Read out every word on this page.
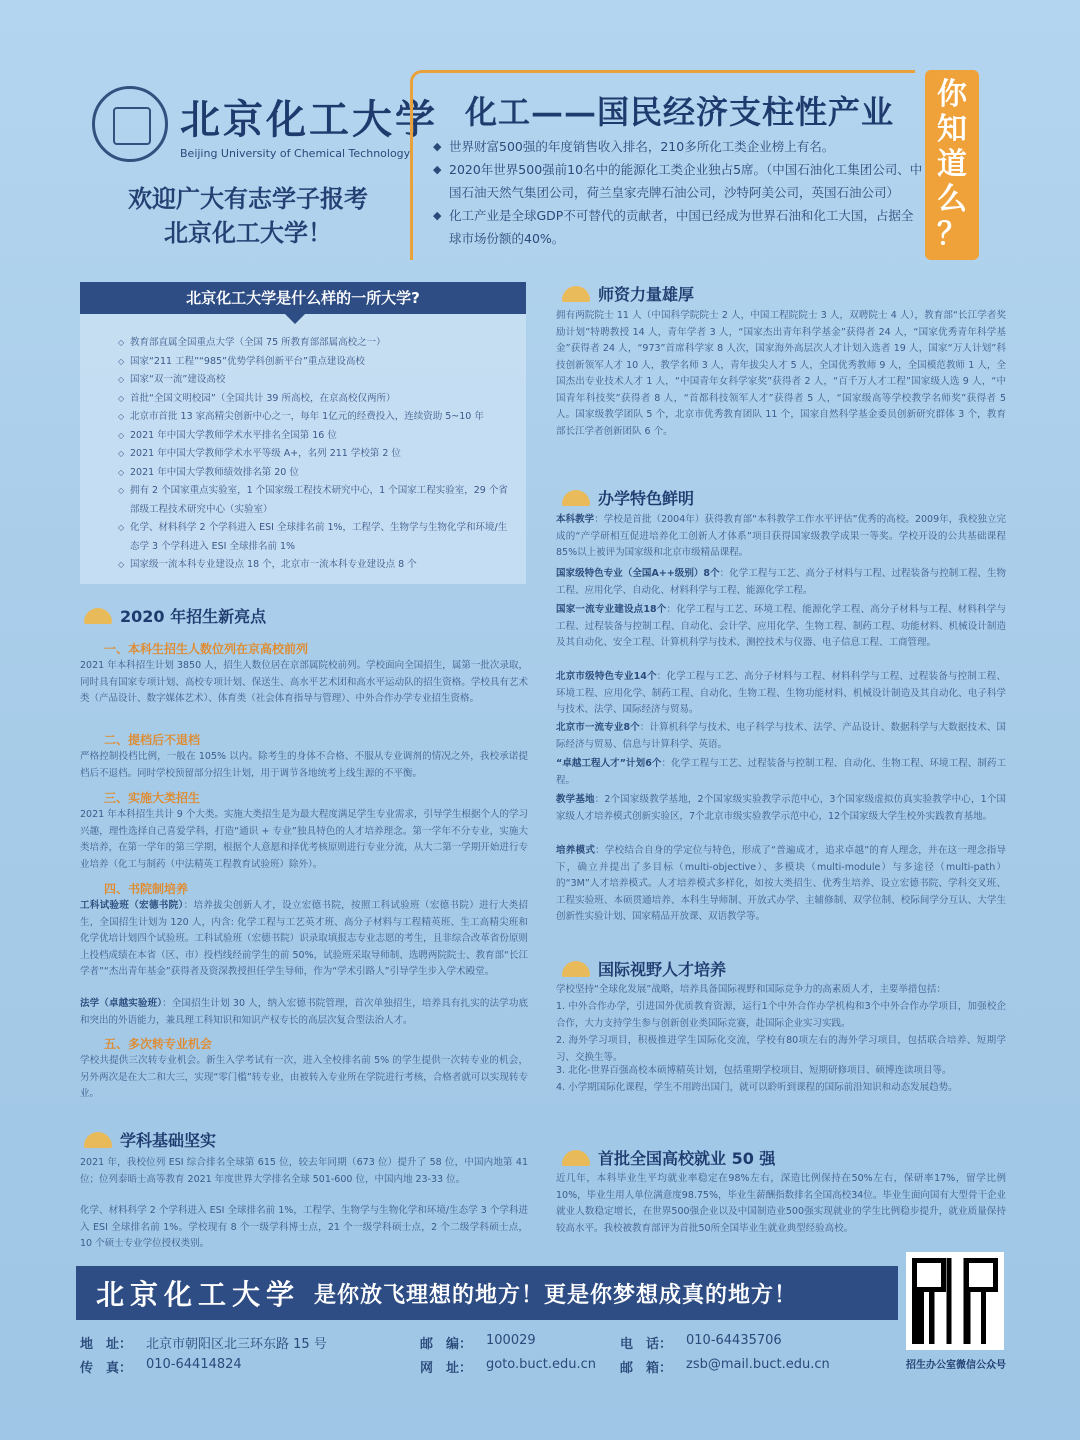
北京化工大学
Beijing University of Chemical Technology
欢迎广大有志学子报考
北京化工大学！
化工——国民经济支柱性产业
◆ 世界财富500强的年度销售收入排名，210多所化工类企业榜上有名。
◆ 2020年世界500强前10名中的能源化工类企业独占5席。（中国石油化工集团公司、中国石油天然气集团公司，荷兰皇家壳牌石油公司，沙特阿美公司，英国石油公司）
◆ 化工产业是全球GDP不可替代的贡献者，中国已经成为世界石油和化工大国，占据全球市场份额的40%。
你
知
道
么
？
北京化工大学是什么样的一所大学?
◇ 教育部直属全国重点大学（全国 75 所教育部部属高校之一）
◇ 国家“211 工程”“985”优势学科创新平台”重点建设高校
◇ 国家“双一流”建设高校
◇ 首批“全国文明校园”（全国共计 39 所高校，在京高校仅两所）
◇ 北京市首批 13 家高精尖创新中心之一，每年 1亿元的经费投入，连续资助 5~10 年
◇ 2021 年中国大学教师学术水平排名全国第 16 位
◇ 2021 年中国大学教师学术水平等级 A+，名列 211 学校第 2 位
◇ 2021 年中国大学教师绩效排名第 20 位
◇ 拥有 2 个国家重点实验室，1 个国家级工程技术研究中心，1 个国家工程实验室，29 个省部级工程技术研究中心（实验室）
◇ 化学、材料科学 2 个学科进入 ESI 全球排名前 1%，工程学、生物学与生物化学和环境/生态学 3 个学科进入 ESI 全球排名前 1%
◇ 国家级一流本科专业建设点 18 个，北京市一流本科专业建设点 8 个
2020 年招生新亮点
一、本科生招生人数位列在京高校前列
2021 年本科招生计划 3850 人，招生人数位居在京部属院校前列。学校面向全国招生，属第一批次录取，同时具有国家专项计划、高校专项计划、保送生、高水平艺术团和高水平运动队的招生资格。学校具有艺术类（产品设计、数字媒体艺术）、体育类（社会体育指导与管理）、中外合作办学专业招生资格。
二、提档后不退档
严格控制投档比例，一般在 105% 以内。除考生的身体不合格、不服从专业调剂的情况之外，我校承诺提档后不退档。同时学校预留部分招生计划，用于调节各地统考上线生源的不平衡。
三、实施大类招生
2021 年本科招生共计 9 个大类。实施大类招生是为最大程度满足学生专业需求，引导学生根据个人的学习兴趣，理性选择自己喜爱学科，打造“通识 + 专业”独具特色的人才培养理念。第一学年不分专业，实施大类培养，在第一学年的第三学期，根据个人意愿和择优考核原则进行专业分流，从大二第一学期开始进行专业培养（化工与制药（中法精英工程教育试验班）除外）。
四、书院制培养
工科试验班（宏德书院）：培养拔尖创新人才，设立宏德书院，按照工科试验班（宏德书院）进行大类招生，全国招生计划为 120 人，内含: 化学工程与工艺英才班、高分子材料与工程精英班、生工高精尖班和化学优培计划四个试验班。工科试验班（宏德书院）识录取填报志专业志愿的考生，且非综合改革省份原则上投档成绩在本省（区、市）投档线经前学生的前 50%，试验班采取导师制、选聘两院院士、教育部“长江学者”“杰出青年基金”获得者及资深教授担任学生导师，作为“学术引路人”引导学生步入学术殿堂。
法学（卓越实验班）：全国招生计划 30 人，纳入宏德书院管理，首次单独招生，培养具有扎实的法学功底和突出的外语能力，兼具理工科知识和知识产权专长的高层次复合型法治人才。
五、多次转专业机会
学校共提供三次转专业机会。新生入学考试有一次，进入全校排名前 5% 的学生提供一次转专业的机会，另外两次是在大二和大三，实现“零门槛”转专业，由被转入专业所在学院进行考核，合格者就可以实现转专业。
学科基础坚实
2021 年，我校位列 ESI 综合排名全球第 615 位，较去年同期（673 位）提升了 58 位，中国内地第 41 位；位列泰晤士高等教育 2021 年度世界大学排名全球 501-600 位，中国内地 23-33 位。
化学、材料科学 2 个学科进入 ESI 全球排名前 1%，工程学、生物学与生物化学和环境/生态学 3 个学科进入 ESI 全球排名前 1%。学校现有 8 个一级学科博士点，21 个一级学科硕士点，2 个二级学科硕士点，10 个硕士专业学位授权类别。
师资力量雄厚
拥有两院院士 11 人（中国科学院院士 2 人，中国工程院院士 3 人，双聘院士 4 人），教育部“长江学者奖励计划”特聘教授 14 人，青年学者 3 人，“国家杰出青年科学基金”获得者 24 人，“国家优秀青年科学基金”获得者 24 人，“973”首席科学家 8 人次，国家海外高层次人才计划入选者 19 人，国家“万人计划”科技创新领军人才 10 人，教学名师 3 人，青年拔尖人才 5 人，全国优秀教师 9 人，全国模范教师 1 人，全国杰出专业技术人才 1 人，“中国青年女科学家奖”获得者 2 人，“百千万人才工程”国家级人选 9 人，“中国青年科技奖”获得者 8 人，“首都科技领军人才”获得者 5 人，“国家级高等学校教学名师奖”获得者 5 人。国家级教学团队 5 个，北京市优秀教育团队 11 个，国家自然科学基金委员创新研究群体 3 个，教育部长江学者创新团队 6 个。
办学特色鲜明
本科教学：学校是首批（2004年）获得教育部“本科教学工作水平评估”优秀的高校。2009年，我校独立完成的“产学研相互促进培养化工创新人才体系”项目获得国家级教学成果一等奖。学校开设的公共基础课程85%以上被评为国家级和北京市级精品课程。
国家级特色专业（全国A++级别）8个：化学工程与工艺、高分子材料与工程、过程装备与控制工程、生物工程、应用化学、自动化、材料科学与工程、能源化学工程。
国家一流专业建设点18个：化学工程与工艺、环境工程、能源化学工程、高分子材料与工程、材料科学与工程、过程装备与控制工程、自动化、会计学、应用化学、生物工程、制药工程、功能材料、机械设计制造及其自动化、安全工程、计算机科学与技术、测控技术与仪器、电子信息工程、工商管理。
北京市级特色专业14个：化学工程与工艺、高分子材料与工程、材料科学与工程、过程装备与控制工程、环境工程、应用化学、制药工程、自动化、生物工程、生物功能材料、机械设计制造及其自动化、电子科学与技术、法学、国际经济与贸易。
北京市一流专业8个：计算机科学与技术、电子科学与技术、法学、产品设计、数据科学与大数据技术、国际经济与贸易、信息与计算科学、英语。
“卓越工程人才”计划6个：化学工程与工艺、过程装备与控制工程、自动化、生物工程、环境工程、制药工程。
教学基地：2个国家级教学基地，2个国家级实验教学示范中心，3个国家级虚拟仿真实验教学中心，1个国家级人才培养模式创新实验区，7个北京市级实验教学示范中心，12个国家级大学生校外实践教育基地。
培养模式：学校结合自身的学定位与特色，形成了“普遍成才，追求卓越”的育人理念，并在这一理念指导下，确立并提出了多目标（multi-objective）、多模块（multi-module）与多途径（multi-path）的“3M”人才培养模式。人才培养模式多样化，如按大类招生、优秀生培养、设立宏德书院、学科交叉班、工程实验班、本硕贯通培养、本科生导师制、开放式办学、主辅修制、双学位制、校际间学分互认、大学生创新性实验计划、国家精品开放课、双语教学等。
国际视野人才培养
学校坚持“全球化发展”战略，培养具备国际视野和国际竞争力的高素质人才，主要举措包括：
1. 中外合作办学，引进国外优质教育资源，运行1个中外合作办学机构和3个中外合作办学项目，加强校企合作，大力支持学生参与创新创业类国际竞赛，赴国际企业实习实践。
2. 海外学习项目，积极推进学生国际化交流，学校有80项左右的海外学习项目，包括联合培养、短期学习、交换生等。
3. 北化-世界百强高校本硕博精英计划，包括重期学校项目、短期研修项目、硕博连读项目等。
4. 小学期国际化课程，学生不用跨出国门，就可以聆听到课程的国际前沿知识和动态发展趋势。
首批全国高校就业 50 强
近几年，本科毕业生平均就业率稳定在98%左右，深造比例保持在50%左右，保研率17%，留学比例10%，毕业生用人单位满意度98.75%，毕业生薪酬指数排名全国高校34位。毕业生面向国有大型骨干企业就业人数稳定增长，在世界500强企业以及中国制造业500强实现就业的学生比例稳步提升，就业质量保持较高水平。我校被教育部评为首批50所全国毕业生就业典型经验高校。
北京化工大学 是你放飞理想的地方！更是你梦想成真的地方！
地　址：	北京市朝阳区北三环东路 15 号	邮　编：	100029	电　话：	010-64435706
传　真：	010-64414824	网　址：	goto.buct.edu.cn 邮　箱：	zsb@mail.buct.edu.cn	招生办公室微信公众号
